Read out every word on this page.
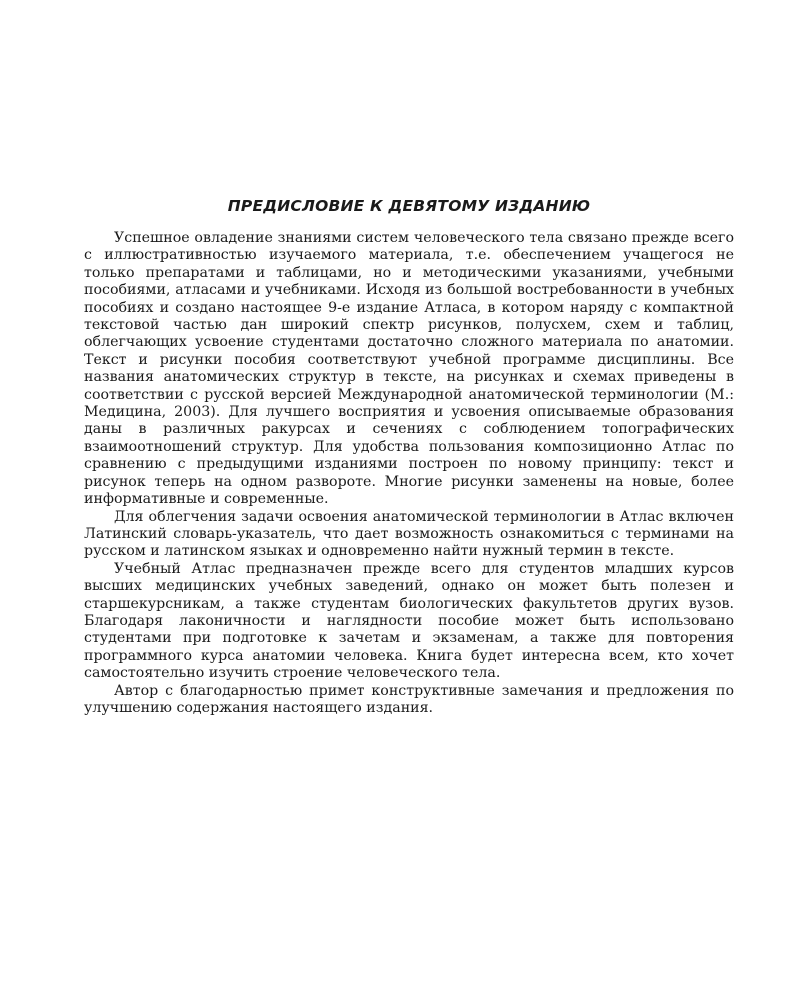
ПРЕДИСЛОВИЕ К ДЕВЯТОМУ ИЗДАНИЮ

Успешное овладение знаниями систем человеческого тела связано прежде всего с иллюстративностью изучаемого материала, т.е. обеспечением учащегося не только препаратами и таблицами, но и методическими указаниями, учебными пособиями, атласами и учебниками. Исходя из большой востребованности в учебных пособиях и создано настоящее 9-е издание Атласа, в котором наряду с компактной текстовой частью дан широкий спектр рисунков, полусхем, схем и таблиц, облегчающих усвоение студентами достаточно сложного материала по анатомии. Текст и рисунки пособия соответствуют учебной программе дисциплины. Все названия анатомических структур в тексте, на рисунках и схемах приведены в соответствии с русской версией Международной анатомической терминологии (М.: Медицина, 2003). Для лучшего восприятия и усвоения описываемые образования даны в различных ракурсах и сечениях с соблюдением топографических взаимоотношений структур. Для удобства пользования композиционно Атлас по сравнению с предыдущими изданиями построен по новому принципу: текст и рисунок теперь на одном развороте. Многие рисунки заменены на новые, более информативные и современные.

Для облегчения задачи освоения анатомической терминологии в Атлас включен Латинский словарь-указатель, что дает возможность ознакомиться с терминами на русском и латинском языках и одновременно найти нужный термин в тексте.

Учебный Атлас предназначен прежде всего для студентов младших курсов высших медицинских учебных заведений, однако он может быть полезен и старшекурсникам, а также студентам биологических факультетов других вузов. Благодаря лаконичности и наглядности пособие может быть использовано студентами при подготовке к зачетам и экзаменам, а также для повторения программного курса анатомии человека. Книга будет интересна всем, кто хочет самостоятельно изучить строение человеческого тела.

Автор с благодарностью примет конструктивные замечания и предложения по улучшению содержания настоящего издания.
